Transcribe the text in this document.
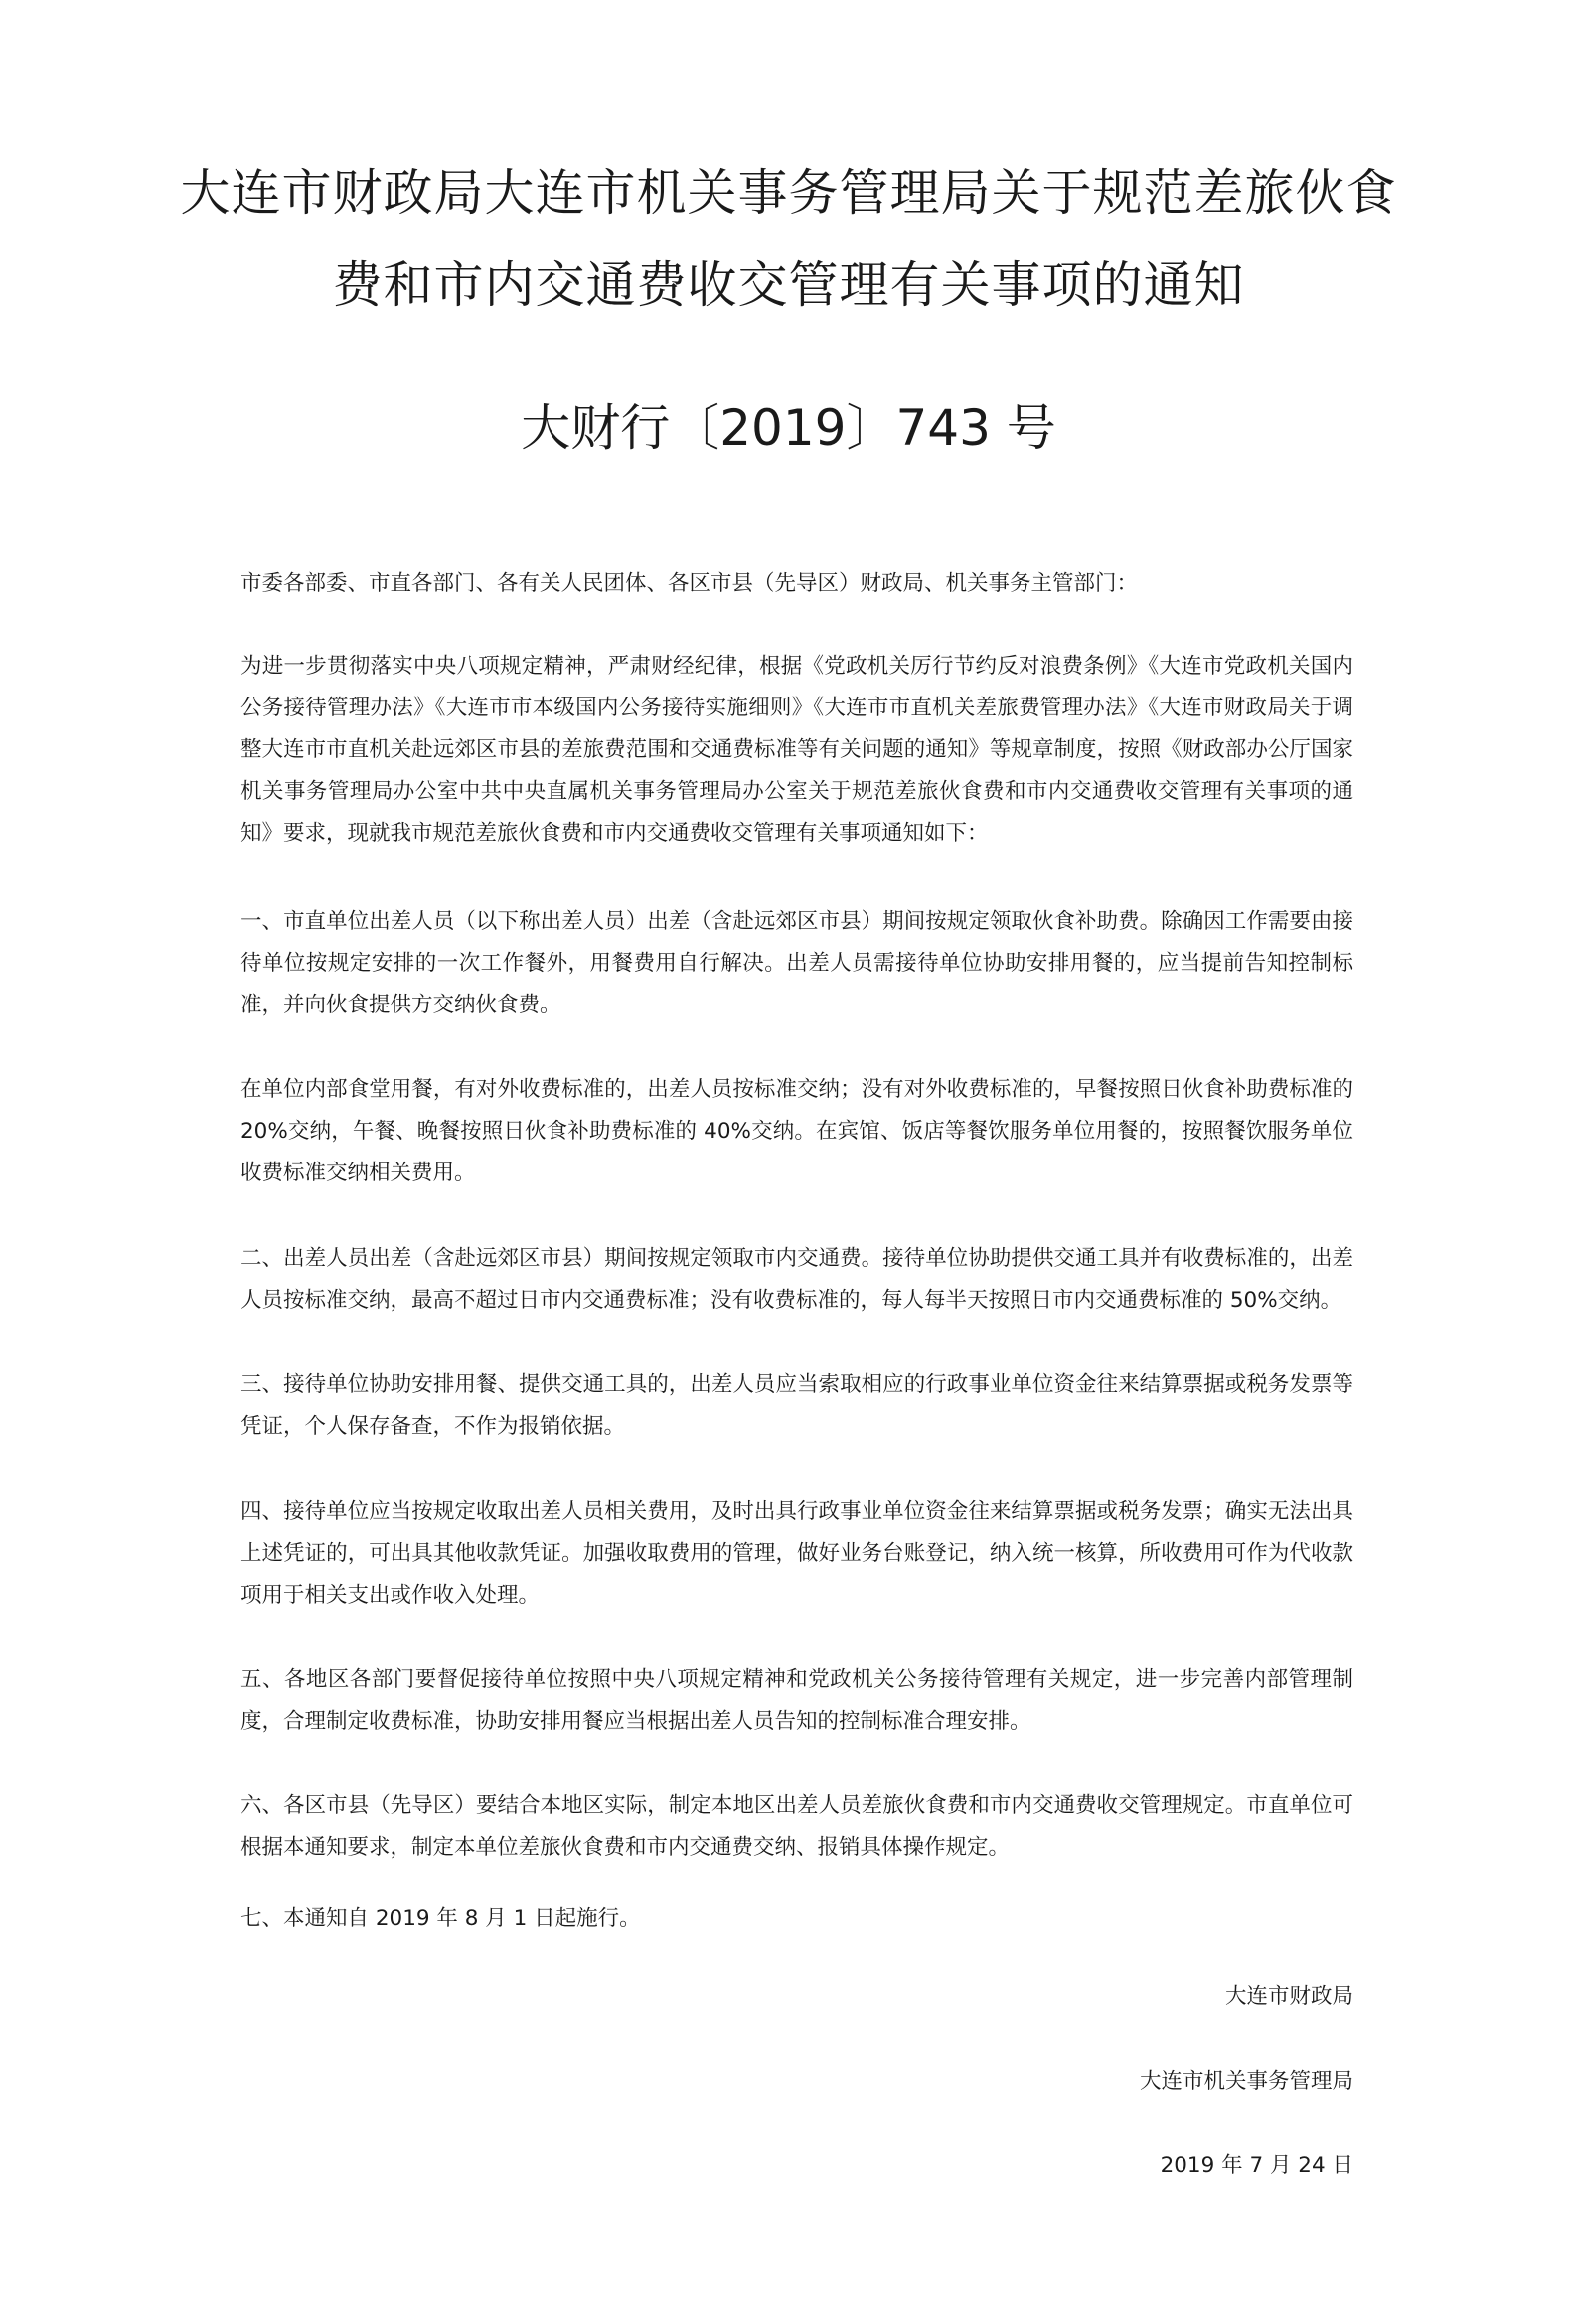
大连市财政局大连市机关事务管理局关于规范差旅伙食费和市内交通费收交管理有关事项的通知
大财行〔2019〕743 号

市委各部委、市直各部门、各有关人民团体、各区市县（先导区）财政局、机关事务主管部门：

为进一步贯彻落实中央八项规定精神，严肃财经纪律，根据《党政机关厉行节约反对浪费条例》《大连市党政机关国内公务接待管理办法》《大连市市本级国内公务接待实施细则》《大连市市直机关差旅费管理办法》《大连市财政局关于调整大连市市直机关赴远郊区市县的差旅费范围和交通费标准等有关问题的通知》等规章制度，按照《财政部办公厅国家机关事务管理局办公室中共中央直属机关事务管理局办公室关于规范差旅伙食费和市内交通费收交管理有关事项的通知》要求，现就我市规范差旅伙食费和市内交通费收交管理有关事项通知如下：

一、市直单位出差人员（以下称出差人员）出差（含赴远郊区市县）期间按规定领取伙食补助费。除确因工作需要由接待单位按规定安排的一次工作餐外，用餐费用自行解决。出差人员需接待单位协助安排用餐的，应当提前告知控制标准，并向伙食提供方交纳伙食费。

在单位内部食堂用餐，有对外收费标准的，出差人员按标准交纳；没有对外收费标准的，早餐按照日伙食补助费标准的 20%交纳，午餐、晚餐按照日伙食补助费标准的 40%交纳。在宾馆、饭店等餐饮服务单位用餐的，按照餐饮服务单位收费标准交纳相关费用。

二、出差人员出差（含赴远郊区市县）期间按规定领取市内交通费。接待单位协助提供交通工具并有收费标准的，出差人员按标准交纳，最高不超过日市内交通费标准；没有收费标准的，每人每半天按照日市内交通费标准的 50%交纳。

三、接待单位协助安排用餐、提供交通工具的，出差人员应当索取相应的行政事业单位资金往来结算票据或税务发票等凭证，个人保存备查，不作为报销依据。

四、接待单位应当按规定收取出差人员相关费用，及时出具行政事业单位资金往来结算票据或税务发票；确实无法出具上述凭证的，可出具其他收款凭证。加强收取费用的管理，做好业务台账登记，纳入统一核算，所收费用可作为代收款项用于相关支出或作收入处理。

五、各地区各部门要督促接待单位按照中央八项规定精神和党政机关公务接待管理有关规定，进一步完善内部管理制度，合理制定收费标准，协助安排用餐应当根据出差人员告知的控制标准合理安排。

六、各区市县（先导区）要结合本地区实际，制定本地区出差人员差旅伙食费和市内交通费收交管理规定。市直单位可根据本通知要求，制定本单位差旅伙食费和市内交通费交纳、报销具体操作规定。

七、本通知自 2019 年 8 月 1 日起施行。

大连市财政局

大连市机关事务管理局

2019 年 7 月 24 日
